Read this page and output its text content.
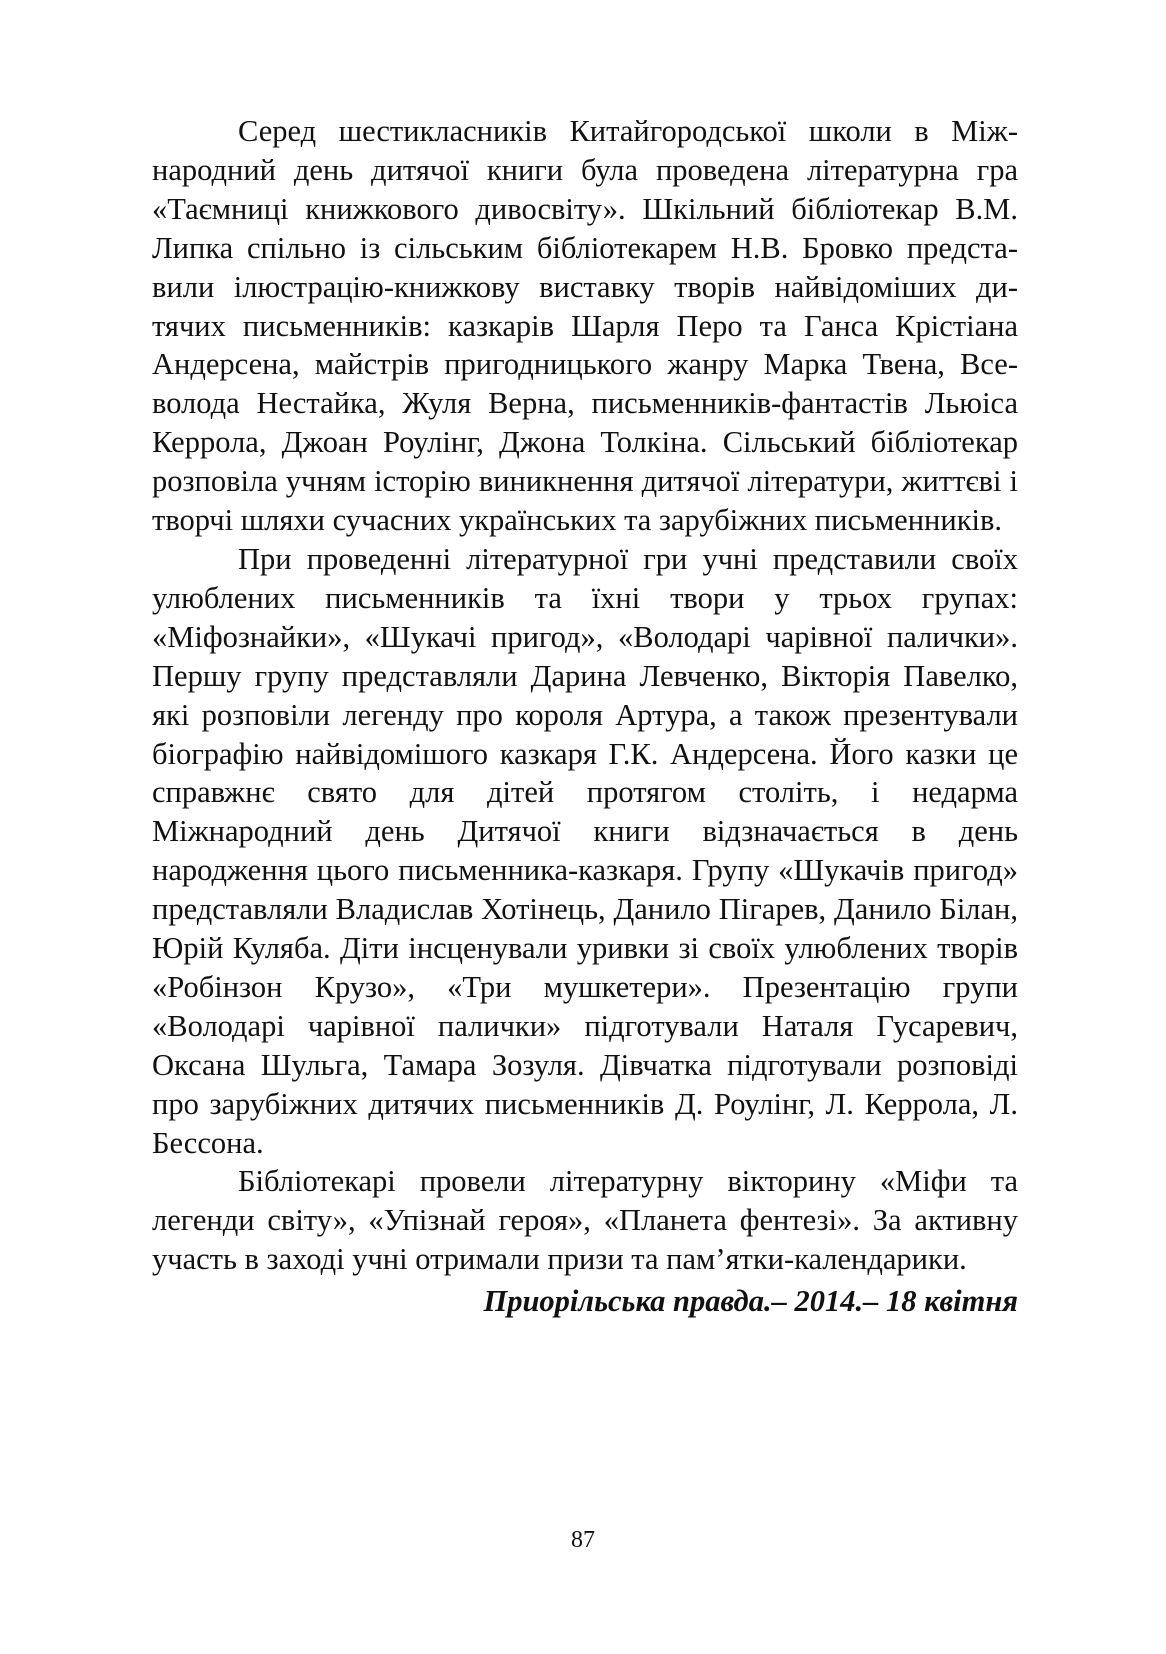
Серед шестикласників Китайгородської школи в Міжнародний день дитячої книги була проведена літературна гра «Таємниці книжкового дивосвіту». Шкільний бібліотекар В.М. Липка спільно із сільським бібліотекарем Н.В. Бровко представили ілюстрацію-книжкову виставку творів найвідоміших дитячих письменників: казкарів Шарля Перо та Ганса Крістіана Андерсена, майстрів пригодницького жанру Марка Твена, Всеволода Нестайка, Жуля Верна, письменників-фантастів Льюіса Керрола, Джоан Роулінг, Джона Толкіна. Сільський бібліотекар розповіла учням історію виникнення дитячої літератури, життєві і творчі шляхи сучасних українських та зарубіжних письменників.

При проведенні літературної гри учні представили своїх улюблених письменників та їхні твори у трьох групах: «Міфознайки», «Шукачі пригод», «Володарі чарівної палички». Першу групу представляли Дарина Левченко, Вікторія Павелко, які розповіли легенду про короля Артура, а також презентували біографію найвідомішого казкаря Г.К. Андерсена. Його казки це справжнє свято для дітей протягом століть, і недарма Міжнародний день Дитячої книги відзначається в день народження цього письменника-казкаря. Групу «Шукачів пригод» представляли Владислав Хотінець, Данило Пігарев, Данило Білан, Юрій Куляба. Діти інсценували уривки зі своїх улюблених творів «Робінзон Крузо», «Три мушкетери». Презентацію групи «Володарі чарівної палички» підготували Наталя Гусаревич, Оксана Шульга, Тамара Зозуля. Дівчатка підготували розповіді про зарубіжних дитячих письменників Д. Роулінг, Л. Керрола, Л. Бессона.

Бібліотекарі провели літературну вікторину «Міфи та легенди світу», «Упізнай героя», «Планета фентезі». За активну участь в заході учні отримали призи та пам’ятки-календарики.

Приорільська правда.– 2014.– 18 квітня

87
